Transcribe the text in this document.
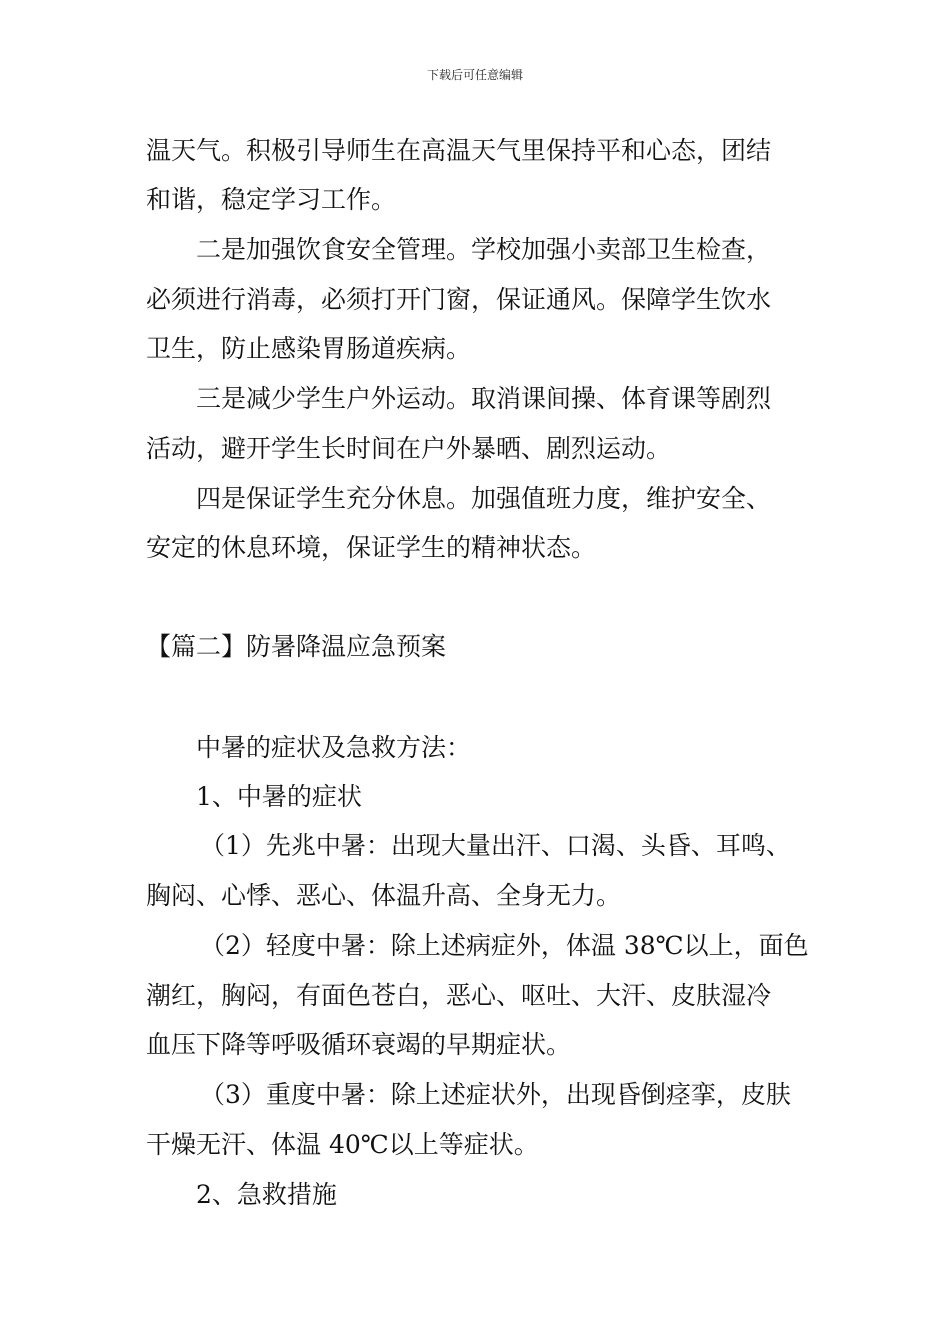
下载后可任意编辑
温天气。积极引导师生在高温天气里保持平和心态，团结
和谐，稳定学习工作。
二是加强饮食安全管理。学校加强小卖部卫生检查，
必须进行消毒，必须打开门窗，保证通风。保障学生饮水
卫生，防止感染胃肠道疾病。
三是减少学生户外运动。取消课间操、体育课等剧烈
活动，避开学生长时间在户外暴晒、剧烈运动。
四是保证学生充分休息。加强值班力度，维护安全、
安定的休息环境，保证学生的精神状态。
【篇二】防暑降温应急预案
中暑的症状及急救方法：
1、中暑的症状
（1）先兆中暑：出现大量出汗、口渴、头昏、耳鸣、
胸闷、心悸、恶心、体温升高、全身无力。
（2）轻度中暑：除上述病症外，体温 38℃以上，面色
潮红，胸闷，有面色苍白，恶心、呕吐、大汗、皮肤湿冷
血压下降等呼吸循环衰竭的早期症状。
（3）重度中暑：除上述症状外，出现昏倒痉挛，皮肤
干燥无汗、体温 40℃以上等症状。
2、急救措施
